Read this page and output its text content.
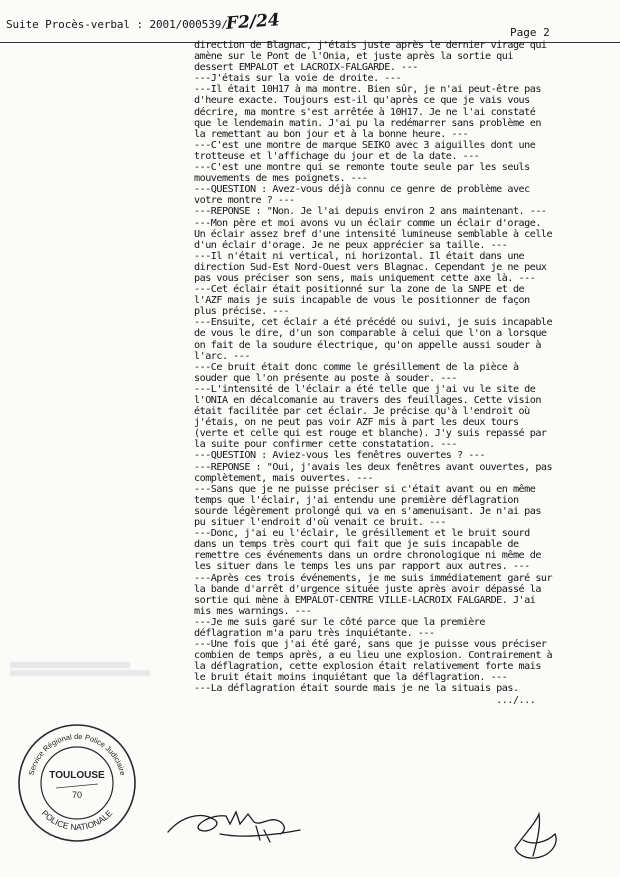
Suite Procès-verbal : 2001/000539/
F2/24	Page 2
direction de Blagnac, j'étais juste après le dernier virage qui
amène sur le Pont de l'Onia, et juste après la sortie qui
dessert EMPALOT et LACROIX-FALGARDE. ---
---J'étais sur la voie de droite. ---
---Il était 10H17 à ma montre. Bien sûr, je n'ai peut-être pas
d'heure exacte. Toujours est-il qu'après ce que je vais vous
décrire, ma montre s'est arrêtée à 10H17. Je ne l'ai constaté
que le lendemain matin. J'ai pu la redémarrer sans problème en
la remettant au bon jour et à la bonne heure. ---
---C'est une montre de marque SEIKO avec 3 aiguilles dont une
trotteuse et l'affichage du jour et de la date. ---
---C'est une montre qui se remonte toute seule par les seuls
mouvements de mes poignets. ---
---QUESTION : Avez-vous déjà connu ce genre de problème avec
votre montre ? ---
---REPONSE : "Non. Je l'ai depuis environ 2 ans maintenant. ---
---Mon père et moi avons vu un éclair comme un éclair d'orage.
Un éclair assez bref d'une intensité lumineuse semblable à celle
d'un éclair d'orage. Je ne peux apprécier sa taille. ---
---Il n'était ni vertical, ni horizontal. Il était dans une
direction Sud-Est Nord-Ouest vers Blagnac. Cependant je ne peux
pas vous préciser son sens, mais uniquement cette axe là. ---
---Cet éclair était positionné sur la zone de la SNPE et de
l'AZF mais je suis incapable de vous le positionner de façon
plus précise. ---
---Ensuite, cet éclair a été précédé ou suivi, je suis incapable
de vous le dire, d'un son comparable à celui que l'on a lorsque
on fait de la soudure électrique, qu'on appelle aussi souder à
l'arc. ---
---Ce bruit était donc comme le grésillement de la pièce à
souder que l'on présente au poste à souder. ---
---L'intensité de l'éclair a été telle que j'ai vu le site de
l'ONIA en décalcomanie au travers des feuillages. Cette vision
était facilitée par cet éclair. Je précise qu'à l'endroit où
j'étais, on ne peut pas voir AZF mis à part les deux tours
(verte et celle qui est rouge et blanche). J'y suis repassé par
la suite pour confirmer cette constatation. ---
---QUESTION : Aviez-vous les fenêtres ouvertes ? ---
---REPONSE : "Oui, j'avais les deux fenêtres avant ouvertes, pas
complètement, mais ouvertes. ---
---Sans que je ne puisse préciser si c'était avant ou en même
temps que l'éclair, j'ai entendu une première déflagration
sourde légèrement prolongé qui va en s'amenuisant. Je n'ai pas
pu situer l'endroit d'où venait ce bruit. ---
---Donc, j'ai eu l'éclair, le grésillement et le bruit sourd
dans un temps très court qui fait que je suis incapable de
remettre ces événements dans un ordre chronologique ni même de
les situer dans le temps les uns par rapport aux autres. ---
---Après ces trois événements, je me suis immédiatement garé sur
la bande d'arrêt d'urgence située juste après avoir dépassé la
sortie qui mène à EMPALOT-CENTRE VILLE-LACROIX FALGARDE. J'ai
mis mes warnings. ---
---Je me suis garé sur le côté parce que la première
déflagration m'a paru très inquiétante. ---
---Une fois que j'ai été garé, sans que je puisse vous préciser
combien de temps après, a eu lieu une explosion. Contrairement à
la déflagration, cette explosion était relativement forte mais
le bruit était moins inquiétant que la déflagration. ---
---La déflagration était sourde mais je ne la situais pas.
.../...
Service Régional de Police Judiciaire
POLICE NATIONALE
TOULOUSE
70
